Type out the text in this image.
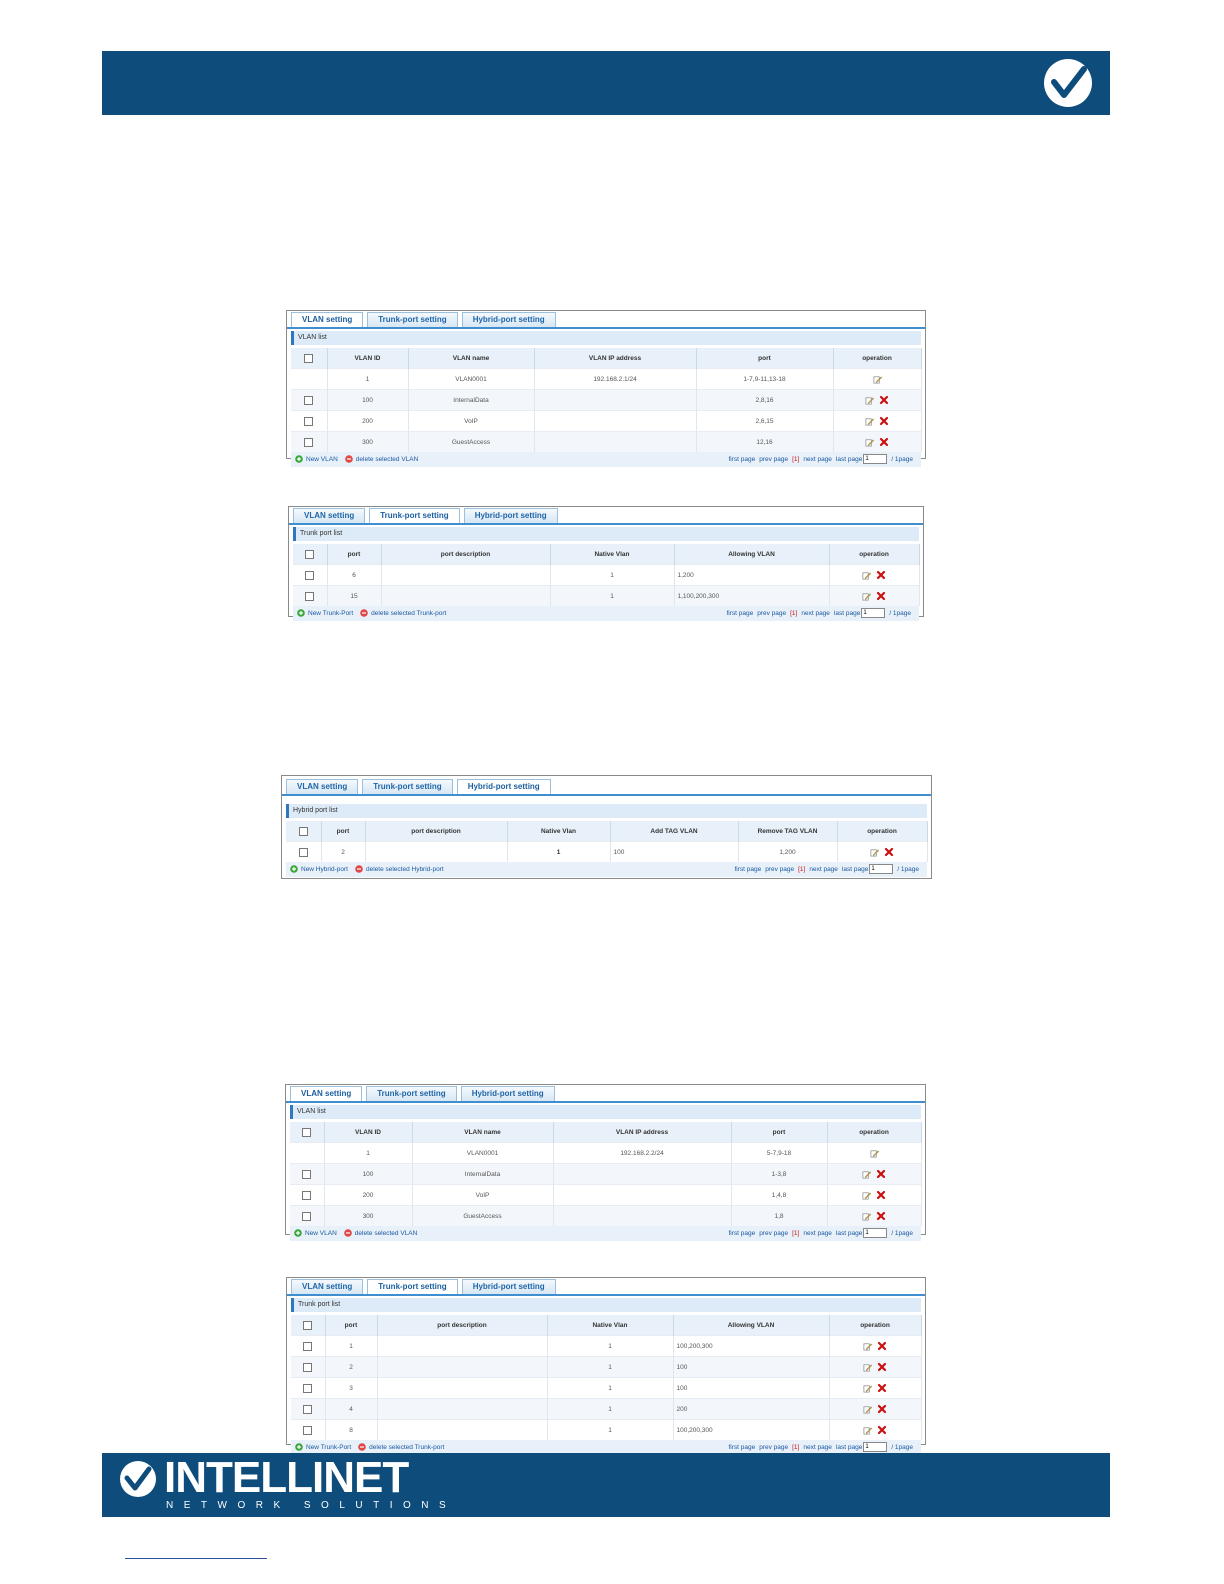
VLAN setting	Trunk-port setting	Hybrid-port setting
VLAN list
	VLAN ID	VLAN name	VLAN IP address	port	operation
	1	VLAN0001	192.168.2.1/24	1-7,9-11,13-18	
	100	InternalData		2,8,16	
	200	VoIP		2,6,15	
	300	GuestAccess		12,16	
New VLAN	delete selected VLAN	first page prev page [1] next page last page 1	/ 1page
VLAN setting	Trunk-port setting	Hybrid-port setting
Trunk port list
	port	port description	Native Vlan	Allowing VLAN	operation
	6		1	1,200	
	15		1	1,100,200,300	
New Trunk-Port	delete selected Trunk-port	first page prev page [1] next page last page 1	/ 1page
VLAN setting	Trunk-port setting	Hybrid-port setting
Hybrid port list
	port	port description	Native Vlan	Add TAG VLAN	Remove TAG VLAN	operation
	2		1	100	1,200	
New Hybrid-port	delete selected Hybrid-port	first page prev page [1] next page last page 1	/ 1page
VLAN setting	Trunk-port setting	Hybrid-port setting
VLAN list
	VLAN ID	VLAN name	VLAN IP address	port	operation
	1	VLAN0001	192.168.2.2/24	5-7,9-18	
	100	InternalData		1-3,8	
	200	VoIP		1,4,8	
	300	GuestAccess		1,8	
New VLAN	delete selected VLAN	first page prev page [1] next page last page 1	/ 1page
VLAN setting	Trunk-port setting	Hybrid-port setting
Trunk port list
	port	port description	Native Vlan	Allowing VLAN	operation
	1		1	100,200,300	
	2		1	100	
	3		1	100	
	4		1	200	
	8		1	100,200,300	
New Trunk-Port	delete selected Trunk-port	first page prev page [1] next page last page 1	/ 1page
INTELLINET
NETWORK SOLUTIONS
